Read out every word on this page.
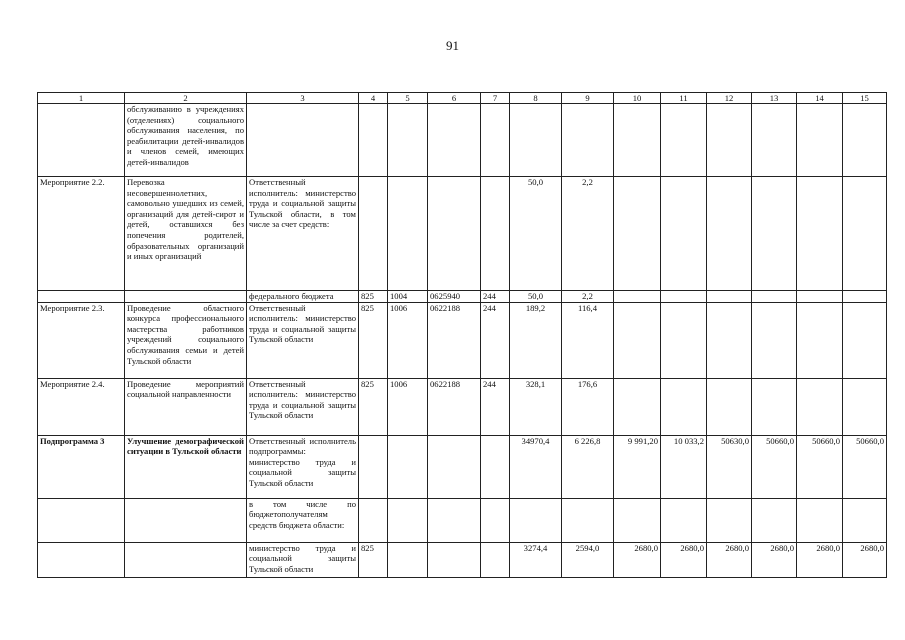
91
1	2	3	4	5	6	7	8	9	10	11	12	13	14	15
	обслуживанию в учреждениях (отделениях) социального обслуживания населения, по реабилитации детей-инвалидов и членов семей, имеющих детей-инвалидов													
Мероприятие 2.2.	Перевозка несовершеннолетних, самовольно ушедших из семей, организаций для детей-сирот и детей, оставшихся без попечения родителей, образовательных организаций и иных организаций	Ответственный исполнитель: министерство труда и социальной защиты Тульской области, в том числе за счет средств:					50,0	2,2						
		федерального бюджета	825	1004	0625940	244	50,0	2,2						
Мероприятие 2.3.	Проведение областного конкурса профессионального мастерства работников учреждений социального обслуживания семьи и детей Тульской области	Ответственный исполнитель: министерство труда и социальной защиты Тульской области	825	1006	0622188	244	189,2	116,4						
Мероприятие 2.4.	Проведение мероприятий социальной направленности	Ответственный исполнитель: министерство труда и социальной защиты Тульской области	825	1006	0622188	244	328,1	176,6						
Подпрограмма 3	Улучшение демографической ситуации в Тульской области	Ответственный исполнитель подпрограммы: министерство труда и социальной защиты Тульской области					34970,4	6 226,8	9 991,20	10 033,2	50630,0	50660,0	50660,0	50660,0
		в том числе по бюджетополучателям средств бюджета области:												
		министерство труда и социальной защиты Тульской области	825				3274,4	2594,0	2680,0	2680,0	2680,0	2680,0	2680,0	2680,0
